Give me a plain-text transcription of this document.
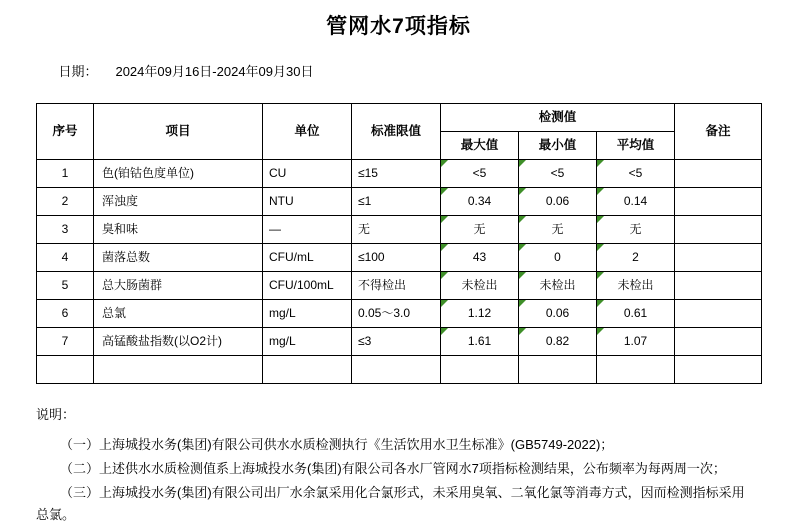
管网水7项指标

日期： 2024年09月16日-2024年09月30日

序号	项目	单位	标准限值	检测值			备注
				最大值	最小值	平均值	
1	色(铂钴色度单位)	CU	≤15	<5	<5	<5	
2	浑浊度	NTU	≤1	0.34	0.06	0.14	
3	臭和味	—	无	无	无	无	
4	菌落总数	CFU/mL	≤100	43	0	2	
5	总大肠菌群	CFU/100mL	不得检出	未检出	未检出	未检出	
6	总氯	mg/L	0.05～3.0	1.12	0.06	0.61	
7	高锰酸盐指数(以O2计)	mg/L	≤3	1.61	0.82	1.07	

说明：

（一）上海城投水务(集团)有限公司供水水质检测执行《生活饮用水卫生标准》(GB5749-2022)；

（二）上述供水水质检测值系上海城投水务(集团)有限公司各水厂管网水7项指标检测结果，公布频率为每两周一次；

（三）上海城投水务(集团)有限公司出厂水余氯采用化合氯形式，未采用臭氧、二氧化氯等消毒方式，因而检测指标采用总氯。
